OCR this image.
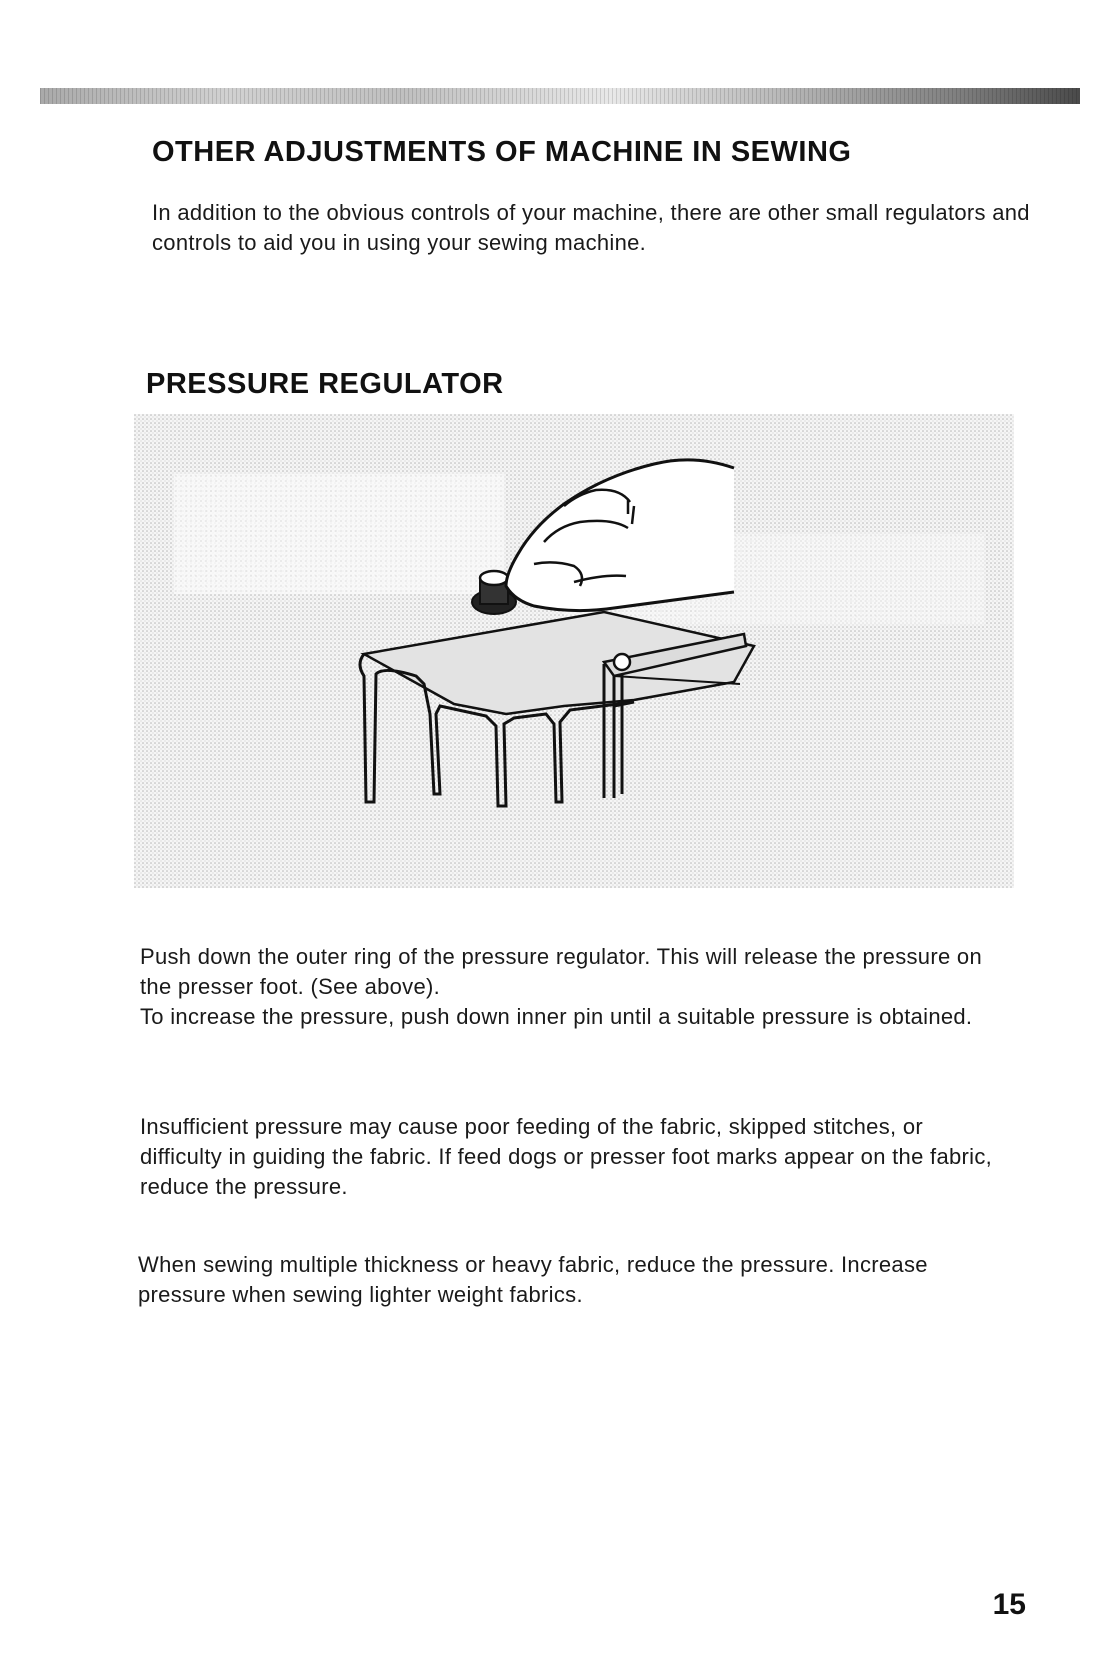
OTHER ADJUSTMENTS OF MACHINE IN SEWING

In addition to the obvious controls of your machine, there are other small regulators and controls to aid you in using your sewing machine.

PRESSURE REGULATOR

Push down the outer ring of the pressure regulator. This will release the pressure on the presser foot. (See above).

To increase the pressure, push down inner pin until a suitable pressure is obtained.

Insufficient pressure may cause poor feeding of the fabric, skipped stitches, or difficulty in guiding the fabric. If feed dogs or presser foot marks appear on the fabric, reduce the pressure.

When sewing multiple thickness or heavy fabric, reduce the pressure. Increase pressure when sewing lighter weight fabrics.

15
